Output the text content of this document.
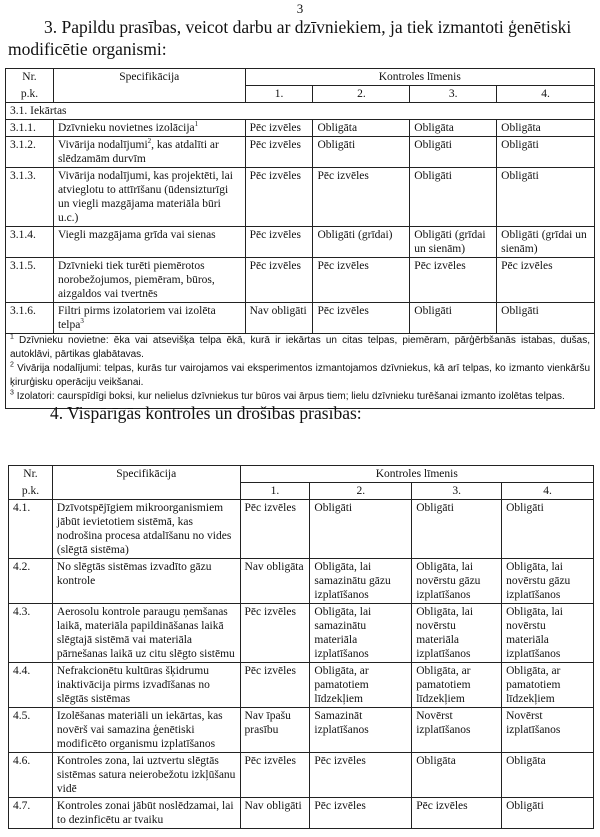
3
3. Papildu prasības, veicot darbu ar dzīvniekiem, ja tiek izmantoti ģenētiski modificētie organismi:
Nr.	Specifikācija	Kontroles līmenis			
p.k.		1.	2.	3.	4.
3.1. Iekārtas					
3.1.1.	Dzīvnieku novietnes izolācija$^1$	Pēc izvēles	Obligāta	Obligāta	Obligāta
3.1.2.	Vivārija nodalījumi$^2$, kas atdalīti ar slēdzamām durvīm	Pēc izvēles	Obligāti	Obligāti	Obligāti
3.1.3.	Vivārija nodalījumi, kas projektēti, lai atvieglotu to attīrīšanu (ūdensizturīgi un viegli mazgājama materiāla būri u.c.)	Pēc izvēles	Pēc izvēles	Obligāti	Obligāti
3.1.4.	Viegli mazgājama grīda vai sienas	Pēc izvēles	Obligāti (grīdai)	Obligāti (grīdai un sienām)	Obligāti (grīdai un sienām)
3.1.5.	Dzīvnieki tiek turēti piemērotos norobežojumos, piemēram, būros, aizgaldos vai tvertnēs	Pēc izvēles	Pēc izvēles	Pēc izvēles	Pēc izvēles
3.1.6.	Filtri pirms izolatoriem vai izolēta telpa$^3$	Nav obligāti	Pēc izvēles	Obligāti	Obligāti

$^1$ Dzīvnieku novietne: ēka vai atsevišķa telpa ēkā, kurā ir iekārtas un citas telpas, piemēram, pārģērbšanās istabas, dušas, autoklāvi, pārtikas glabātavas.

$^2$ Vivārija nodalījumi: telpas, kurās tur vairojamos vai eksperimentos izmantojamos dzīvniekus, kā arī telpas, ko izmanto vienkāršu ķirurģisku operāciju veikšanai.

$^3$ Izolatori: caurspīdīgi boksi, kur nelielus dzīvniekus tur būros vai ārpus tiem; lielu dzīvnieku turēšanai izmanto izolētas telpas.

4. Vispārīgās kontroles un drošības prasības:
Nr.	Specifikācija	Kontroles līmenis			
p.k.		1.	2.	3.	4.
4.1.	Dzīvotspējīgiem mikroorganismiem jābūt ievietotiem sistēmā, kas nodrošina procesa atdalīšanu no vides (slēgtā sistēma)	Pēc izvēles	Obligāti	Obligāti	Obligāti
4.2.	No slēgtās sistēmas izvadīto gāzu kontrole	Nav obligāta	Obligāta, lai samazinātu gāzu izplatīšanos	Obligāta, lai novērstu gāzu izplatīšanos	Obligāta, lai novērstu gāzu izplatīšanos
4.3.	Aerosolu kontrole paraugu ņemšanas laikā, materiāla papildināšanas laikā slēgtajā sistēmā vai materiāla pārnešanas laikā uz citu slēgto sistēmu	Pēc izvēles	Obligāta, lai samazinātu materiāla izplatīšanos	Obligāta, lai novērstu materiāla izplatīšanos	Obligāta, lai novērstu materiāla izplatīšanos
4.4.	Nefrakcionētu kultūras šķidrumu inaktivācija pirms izvadīšanas no slēgtās sistēmas	Pēc izvēles	Obligāta, ar pamatotiem līdzekļiem	Obligāta, ar pamatotiem līdzekļiem	Obligāta, ar pamatotiem līdzekļiem
4.5.	Izolēšanas materiāli un iekārtas, kas novērš vai samazina ģenētiski modificēto organismu izplatīšanos	Nav īpašu prasību	Samazināt izplatīšanos	Novērst izplatīšanos	Novērst izplatīšanos
4.6.	Kontroles zona, lai uztvertu slēgtās sistēmas satura neierobežotu izkļūšanu vidē	Pēc izvēles	Pēc izvēles	Obligāta	Obligāta
4.7.	Kontroles zonai jābūt noslēdzamai, lai to dezinficētu ar tvaiku	Nav obligāti	Pēc izvēles	Pēc izvēles	Obligāti
